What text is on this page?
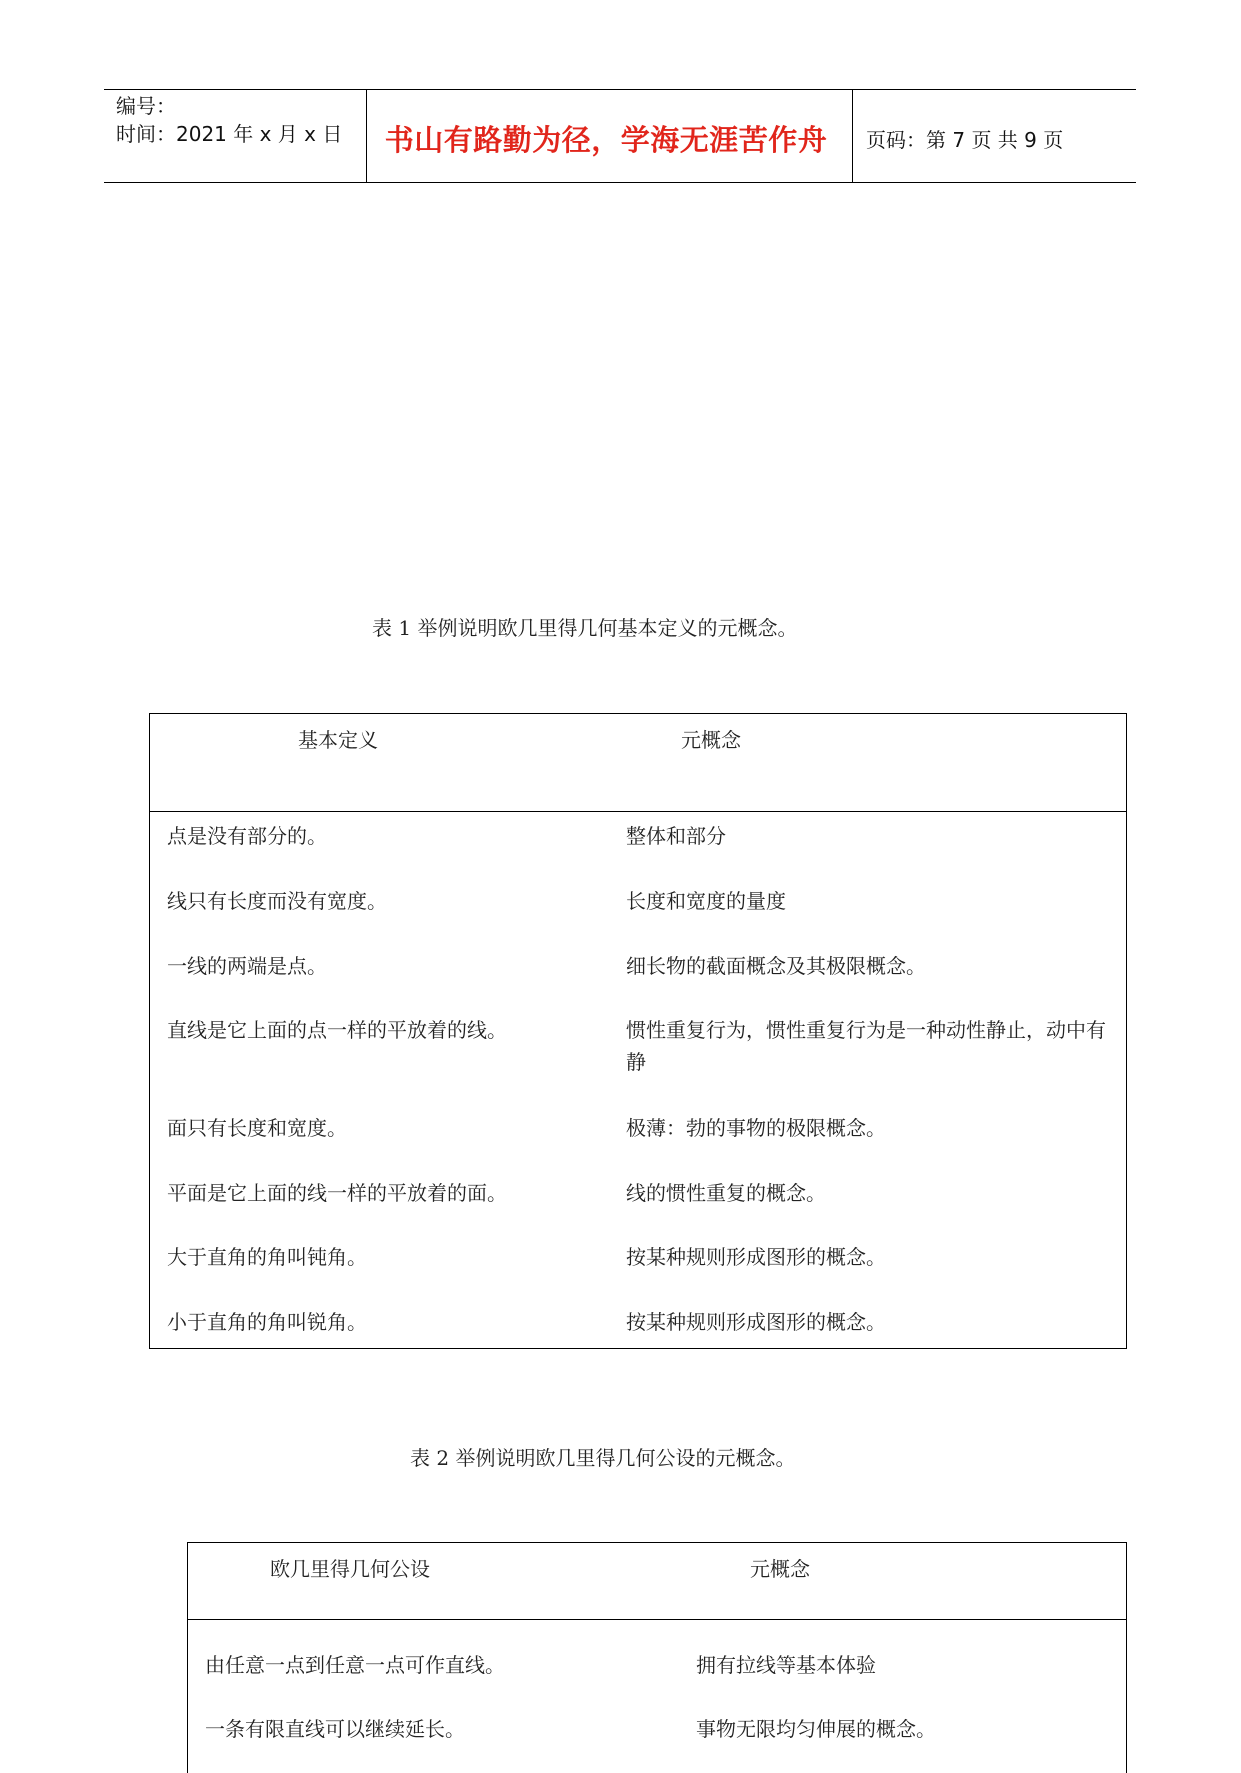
编号：
时间：2021 年 x 月 x 日	书山有路勤为径，学海无涯苦作舟	页码：第 7 页 共 9 页
表 1 举例说明欧几里得几何基本定义的元概念。
基本定义	元概念
点是没有部分的。	整体和部分
线只有长度而没有宽度。	长度和宽度的量度
一线的两端是点。	细长物的截面概念及其极限概念。
直线是它上面的点一样的平放着的线。	惯性重复行为，惯性重复行为是一种动性静止，动中有静
面只有长度和宽度。	极薄：勃的事物的极限概念。
平面是它上面的线一样的平放着的面。	线的惯性重复的概念。
大于直角的角叫钝角。	按某种规则形成图形的概念。
小于直角的角叫锐角。	按某种规则形成图形的概念。
表 2 举例说明欧几里得几何公设的元概念。
欧几里得几何公设	元概念
由任意一点到任意一点可作直线。	拥有拉线等基本体验
一条有限直线可以继续延长。	事物无限均匀伸展的概念。
